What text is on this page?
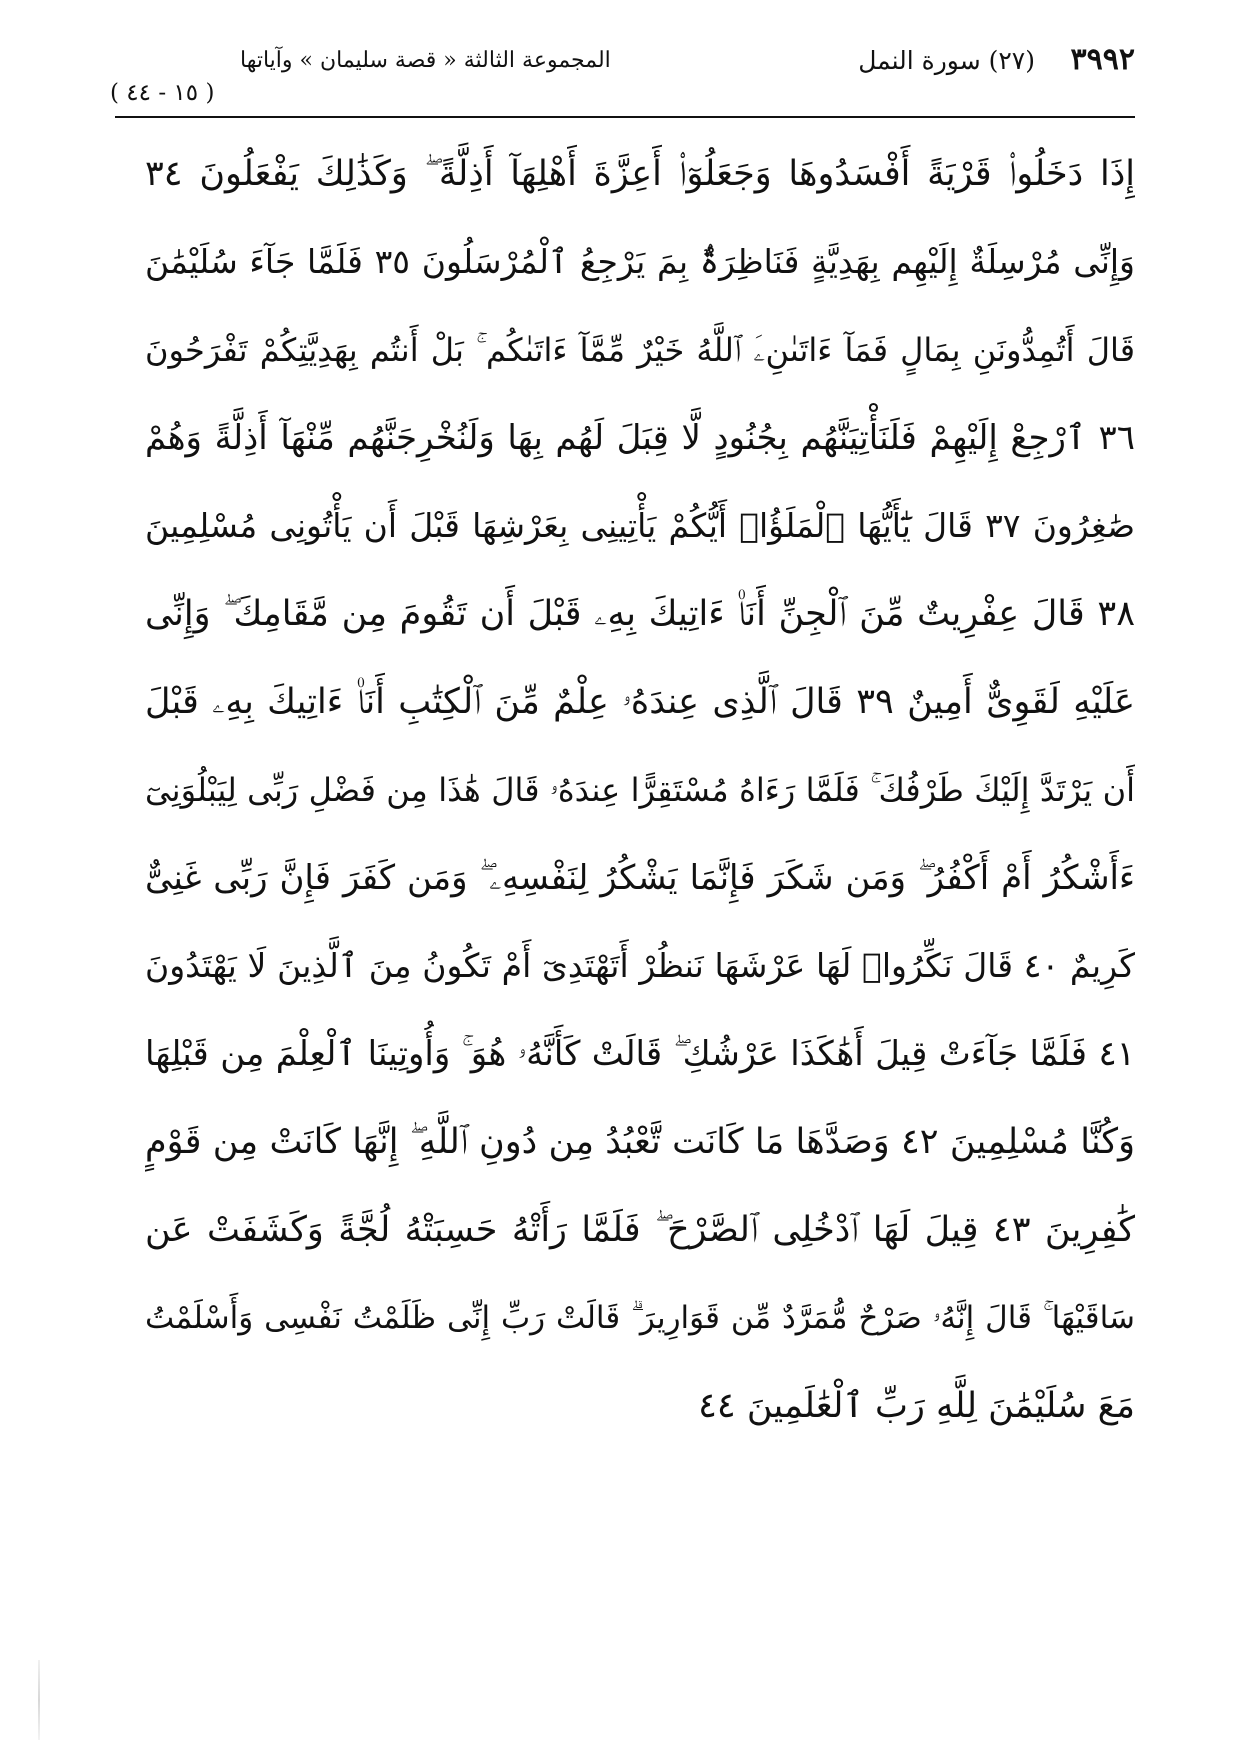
٣٩٩٢
(٢٧) سورة النمل
المجموعة الثالثة « قصة سليمان » وآياتها
( ١٥ - ٤٤ )
إِذَا دَخَلُوا۟ قَرْيَةً أَفْسَدُوهَا وَجَعَلُوٓا۟ أَعِزَّةَ أَهْلِهَآ أَذِلَّةً ۖ وَكَذَٰلِكَ يَفْعَلُونَ ٣٤
وَإِنِّى مُرْسِلَةٌ إِلَيْهِم بِهَدِيَّةٍ فَنَاظِرَةٌۢ بِمَ يَرْجِعُ ٱلْمُرْسَلُونَ ٣٥ فَلَمَّا جَآءَ سُلَيْمَٰنَ
قَالَ أَتُمِدُّونَنِ بِمَالٍ فَمَآ ءَاتَىٰنِۦَ ٱللَّهُ خَيْرٌ مِّمَّآ ءَاتَىٰكُم ۚ بَلْ أَنتُم بِهَدِيَّتِكُمْ تَفْرَحُونَ
٣٦ ٱرْجِعْ إِلَيْهِمْ فَلَنَأْتِيَنَّهُم بِجُنُودٍ لَّا قِبَلَ لَهُم بِهَا وَلَنُخْرِجَنَّهُم مِّنْهَآ أَذِلَّةً وَهُمْ
صَٰغِرُونَ ٣٧ قَالَ يَٰٓأَيُّهَا ٱلْمَلَؤُا۟ أَيُّكُمْ يَأْتِينِى بِعَرْشِهَا قَبْلَ أَن يَأْتُونِى مُسْلِمِينَ
٣٨ قَالَ عِفْرِيتٌ مِّنَ ٱلْجِنِّ أَنَا۠ ءَاتِيكَ بِهِۦ قَبْلَ أَن تَقُومَ مِن مَّقَامِكَ ۖ وَإِنِّى
عَلَيْهِ لَقَوِىٌّ أَمِينٌ ٣٩ قَالَ ٱلَّذِى عِندَهُۥ عِلْمٌ مِّنَ ٱلْكِتَٰبِ أَنَا۠ ءَاتِيكَ بِهِۦ قَبْلَ
أَن يَرْتَدَّ إِلَيْكَ طَرْفُكَ ۚ فَلَمَّا رَءَاهُ مُسْتَقِرًّا عِندَهُۥ قَالَ هَٰذَا مِن فَضْلِ رَبِّى لِيَبْلُوَنِىٓ
ءَأَشْكُرُ أَمْ أَكْفُرُ ۖ وَمَن شَكَرَ فَإِنَّمَا يَشْكُرُ لِنَفْسِهِۦ ۖ وَمَن كَفَرَ فَإِنَّ رَبِّى غَنِىٌّ
كَرِيمٌ ٤٠ قَالَ نَكِّرُوا۟ لَهَا عَرْشَهَا نَنظُرْ أَتَهْتَدِىٓ أَمْ تَكُونُ مِنَ ٱلَّذِينَ لَا يَهْتَدُونَ
٤١ فَلَمَّا جَآءَتْ قِيلَ أَهَٰكَذَا عَرْشُكِ ۖ قَالَتْ كَأَنَّهُۥ هُوَ ۚ وَأُوتِينَا ٱلْعِلْمَ مِن قَبْلِهَا
وَكُنَّا مُسْلِمِينَ ٤٢ وَصَدَّهَا مَا كَانَت تَّعْبُدُ مِن دُونِ ٱللَّهِ ۖ إِنَّهَا كَانَتْ مِن قَوْمٍ
كَٰفِرِينَ ٤٣ قِيلَ لَهَا ٱدْخُلِى ٱلصَّرْحَ ۖ فَلَمَّا رَأَتْهُ حَسِبَتْهُ لُجَّةً وَكَشَفَتْ عَن
سَاقَيْهَا ۚ قَالَ إِنَّهُۥ صَرْحٌ مُّمَرَّدٌ مِّن قَوَارِيرَ ۗ قَالَتْ رَبِّ إِنِّى ظَلَمْتُ نَفْسِى وَأَسْلَمْتُ
مَعَ سُلَيْمَٰنَ لِلَّهِ رَبِّ ٱلْعَٰلَمِينَ ٤٤
